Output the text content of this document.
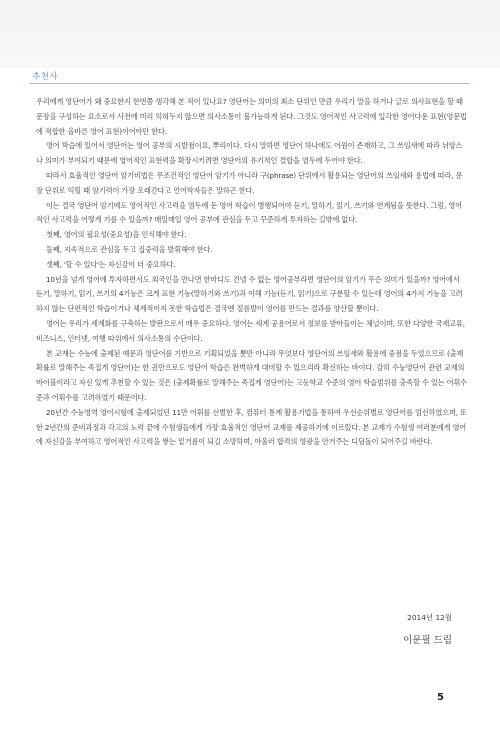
추천사

우리에게 영단어가 왜 중요한지 한번쯤 생각해 본 적이 있나요? 영단어는 의미의 최소 단위인 만큼 우리가 말을 하거나 글로 의사표현을 할 때 문장을 구성하는 요소로서 사전에 미리 익혀두지 않으면 의사소통이 불가능하게 된다. 그것도 영어적인 사고력에 입각한 영어다운 표현(영문법에 적합한 올바른 영어 표현)이어야만 한다.

영어 학습에 있어서 영단어는 영어 공부의 시발점이요, 뿌리이다. 다시 말하면 영단어 하나에도 어원이 존재하고, 그 쓰임새에 따라 뉘앙스나 의미가 부여되기 때문에 영어적인 표현력을 확장시키려면 영단어의 유기적인 결합을 염두에 두어야 한다.

따라서 효율적인 영단어 암기비법은 무조건적인 영단어 암기가 아니라 구(phrase) 단위에서 활용되는 영단어의 쓰임새와 용법에 따라, 문장 단위로 익힐 때 암기력이 가장 오래간다고 언어학자들은 말하곤 한다.

이는 결국 영단어 암기에도 영어적인 사고력을 염두에 둔 영어 학습이 병행되어야 듣기, 말하기, 읽기, 쓰기와 연계됨을 뜻한다. 그럼, 영어적인 사고력을 어떻게 기를 수 있을까? 매일매일 영어 공부에 관심을 두고 꾸준하게 투자하는 길밖에 없다.

첫째, 영어의 필요성(중요성)을 인식해야 한다.

둘째, 지속적으로 관심을 두고 집중력을 발휘해야 한다.

셋째, '할 수 있다'는 자신감이 더 중요하다.

10년을 넘게 영어에 투자하면서도 외국인을 만나면 한마디도 건넬 수 없는 영어공부라면 영단어의 암기가 무슨 의미가 있을까? 영어에서 듣기, 말하기, 읽기, 쓰기의 4기능은 크게 표현 기능(말하기와 쓰기)과 이해 기능(듣기, 읽기)으로 구분할 수 있는데 영어의 4가지 기능을 고려하지 않는 단편적인 학습이거나 체계적이지 못한 학습법은 결국엔 절름발이 영어를 만드는 결과를 양산할 뿐이다.

영어는 우리가 세계화를 구축하는 발판으로서 매우 중요하다. 영어는 세계 공용어로서 정보를 받아들이는 채널이며, 또한 다양한 국제교류, 비즈니스, 인터넷, 여행 따위에서 의사소통의 수단이다.

본 교재는 수능에 출제된 예문과 영단어를 기반으로 기획되었을 뿐만 아니라 무엇보다 영단어의 쓰임새와 활용에 중점을 두었으므로 (출제확률로 말해주는 족집게 영단어)는 한 권만으로도 영단어 학습은 완벽하게 대비할 수 있으리라 확신하는 바이다. 감히 수능영단어 관련 교재의 바이블이라고 자신 있게 추천할 수 있는 것은 (출제확률로 말해주는 족집게 영단어)는 고등학교 수준의 영어 학습범위를 충족할 수 있는 어휘수준과 어휘수를 고려하였기 때문이다.

20년간 수능영역 영어시험에 출제되었던 11만 어휘를 선별한 후, 컴퓨터 통계 활용기법을 통하여 우선순위별로 영단어를 엄선하였으며, 또한 2년간의 준비과정과 각고의 노력 끝에 수험생들에게 가장 효율적인 영단어 교재를 제공하기에 이르렀다. 본 교재가 수험생 여러분에게 영어에 자신감을 부여하고 영어적인 사고력을 쌓는 밑거름이 되길 소망하며, 아울러 합격의 영광을 안겨주는 디딤돌이 되어주길 바란다.

2014년 12월
이문필 드림
5
